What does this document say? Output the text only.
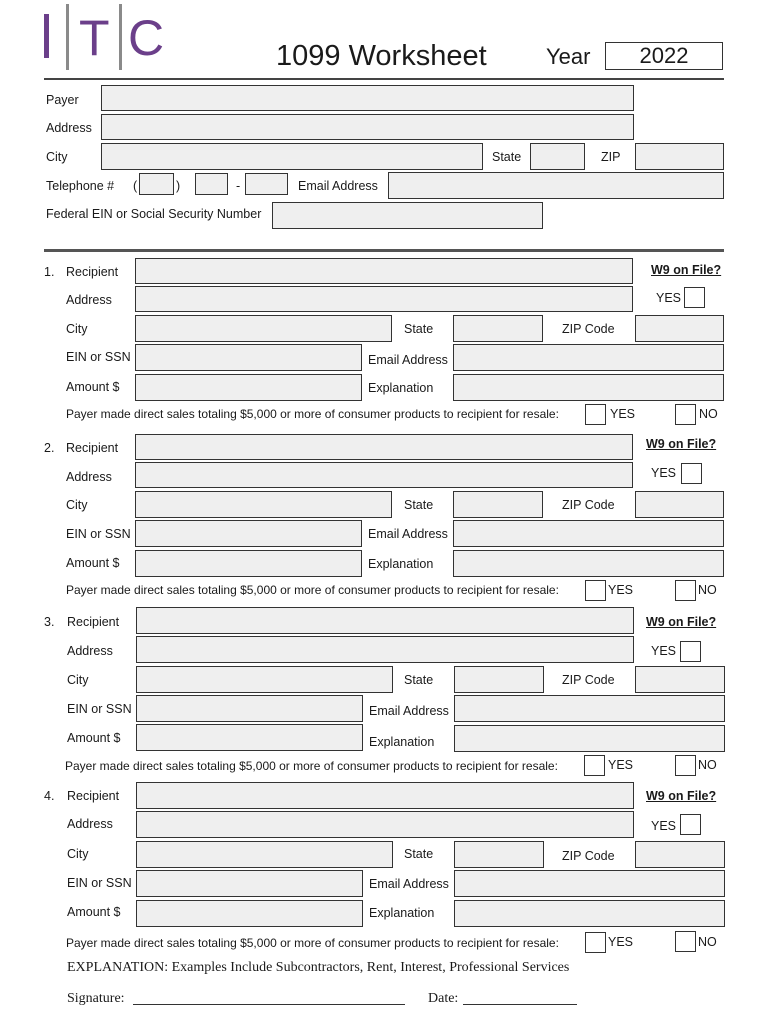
T C	1099 Worksheet	Year	2022
Payer
Address
City	State	ZIP
Telephone # (	)	-	Email Address
Federal EIN or Social Security Number
1. Recipient	W9 on File?
Address	YES
City	State	ZIP Code
EIN or SSN	Email Address
Amount $	Explanation
Payer made direct sales totaling $5,000 or more of consumer products to recipient for resale:	YES	NO
2. Recipient	W9 on File?
Address	YES
City	State	ZIP Code
EIN or SSN	Email Address
Amount $	Explanation
Payer made direct sales totaling $5,000 or more of consumer products to recipient for resale:	YES	NO
3. Recipient	W9 on File?
Address	YES
City	State	ZIP Code
EIN or SSN	Email Address
Amount $	Explanation
Payer made direct sales totaling $5,000 or more of consumer products to recipient for resale:	YES	NO
4. Recipient	W9 on File?
Address	YES
City	State	ZIP Code
EIN or SSN	Email Address
Amount $	Explanation
Payer made direct sales totaling $5,000 or more of consumer products to recipient for resale:	YES	NO
EXPLANATION: Examples Include Subcontractors, Rent, Interest, Professional Services
Signature:	Date:
